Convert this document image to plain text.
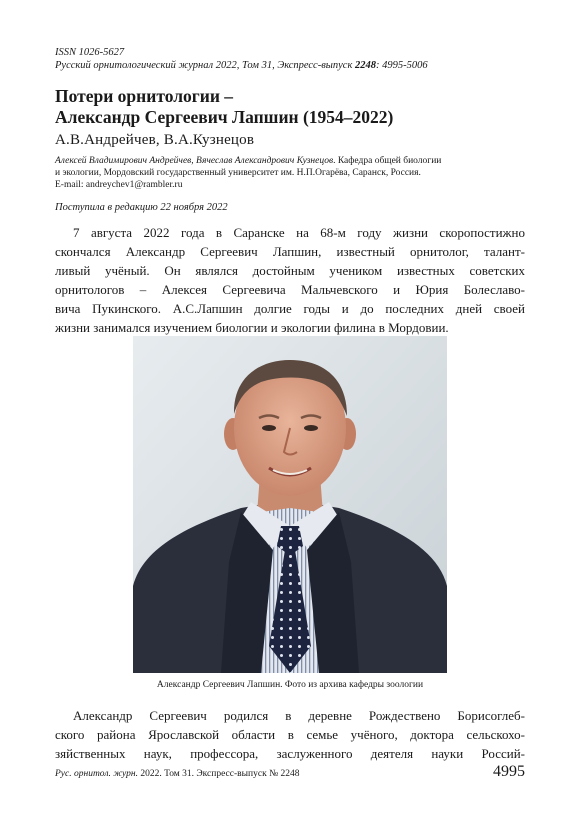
ISSN 1026-5627
Русский орнитологический журнал 2022, Том 31, Экспресс-выпуск 2248: 4995-5006
Потери орнитологии –
Александр Сергеевич Лапшин (1954–2022)
А.В.Андрейчев, В.А.Кузнецов
Алексей Владимирович Андрейчев, Вячеслав Александрович Кузнецов. Кафедра общей биологии
и экологии, Мордовский государственный университет им. Н.П.Огарёва, Саранск, Россия.
E-mail: andreychev1@rambler.ru
Поступила в редакцию 22 ноября 2022
7 августа 2022 года в Саранске на 68-м году жизни скоропостижно
скончался Александр Сергеевич Лапшин, известный орнитолог, талант-
ливый учёный. Он являлся достойным учеником известных советских
орнитологов – Алексея Сергеевича Мальчевского и Юрия Болеславо-
вича Пукинского. А.С.Лапшин долгие годы и до последних дней своей
жизни занимался изучением биологии и экологии филина в Мордовии.
Александр Сергеевич Лапшин. Фото из архива кафедры зоологии
Александр Сергеевич родился в деревне Рождествено Борисоглеб-
ского района Ярославской области в семье учёного, доктора сельскохо-
зяйственных наук, профессора, заслуженного деятеля науки Россий-
Рус. орнитол. журн. 2022. Том 31. Экспресс-выпуск № 2248	4995
